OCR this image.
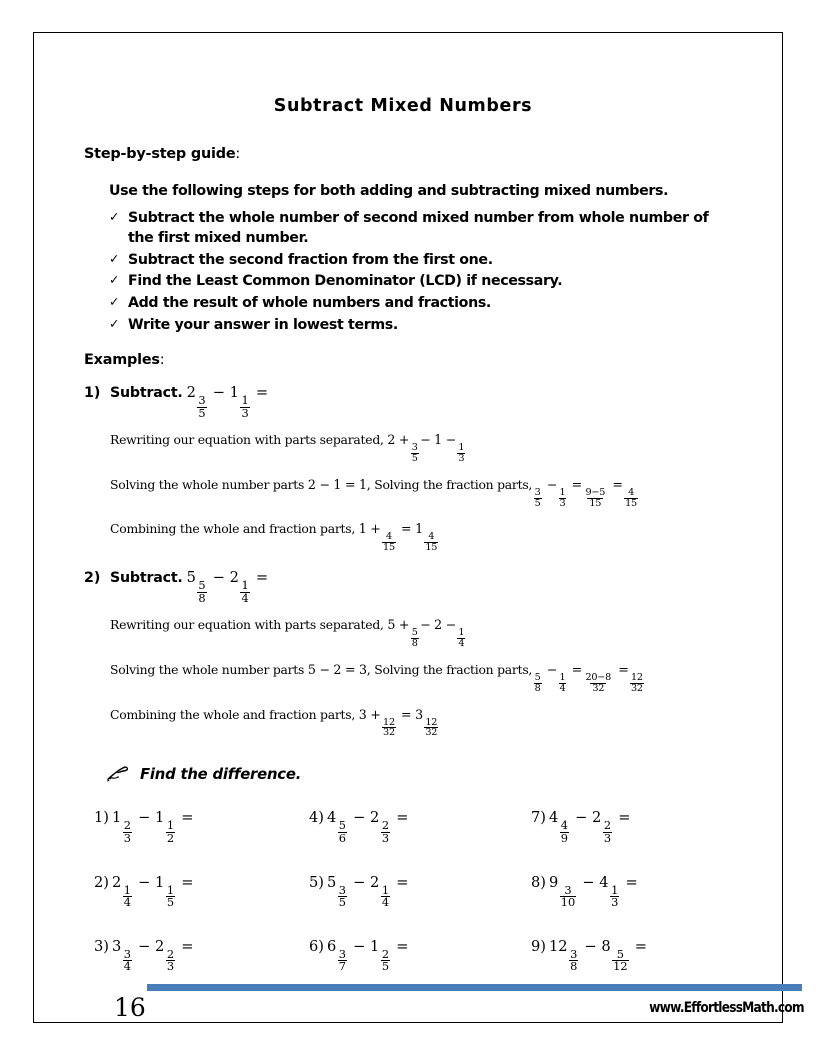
Subtract Mixed Numbers
Step-by-step guide:
Use the following steps for both adding and subtracting mixed numbers.
✓ Subtract the whole number of second mixed number from whole number of the first mixed number.
✓ Subtract the second fraction from the first one.
✓ Find the Least Common Denominator (LCD) if necessary.
✓ Add the result of whole numbers and fractions.
✓ Write your answer in lowest terms.
Examples:
1) Subtract. 2
$\frac{3}{5}$
− 1
$\frac{1}{3}$
=
Rewriting our equation with parts separated, 2 +
$\frac{3}{5}$
− 1 −
$\frac{1}{3}$
Solving the whole number parts 2 − 1 = 1, Solving the fraction parts,
$\frac{3}{5}$
−
$\frac{1}{3}$
=
$\frac{9-5}{15}$
=
$\frac{4}{15}$
Combining the whole and fraction parts, 1 +
$\frac{4}{15}$
= 1
$\frac{4}{15}$
2) Subtract. 5
$\frac{5}{8}$
− 2
$\frac{1}{4}$
=
Rewriting our equation with parts separated, 5 +
$\frac{5}{8}$
− 2 −
$\frac{1}{4}$
Solving the whole number parts 5 − 2 = 3, Solving the fraction parts,
$\frac{5}{8}$
−
$\frac{1}{4}$
=
$\frac{20-8}{32}$
=
$\frac{12}{32}$
Combining the whole and fraction parts, 3 +
$\frac{12}{32}$
= 3
$\frac{12}{32}$
Find the difference.
1) 1
$\frac{2}{3}$
− 1
$\frac{1}{2}$
=	4) 4
$\frac{5}{6}$
− 2
$\frac{2}{3}$
=	7) 4
$\frac{4}{9}$
− 2
$\frac{2}{3}$
=
2) 2
$\frac{1}{4}$
− 1
$\frac{1}{5}$
=	5) 5
$\frac{3}{5}$
− 2
$\frac{1}{4}$
=	8) 9
$\frac{3}{10}$
− 4
$\frac{1}{3}$
=
3) 3
$\frac{3}{4}$
− 2
$\frac{2}{3}$
=	6) 6
$\frac{3}{7}$
− 1
$\frac{2}{5}$
=	9) 12
$\frac{3}{8}$
− 8
$\frac{5}{12}$
=
16	www.EffortlessMath.com
